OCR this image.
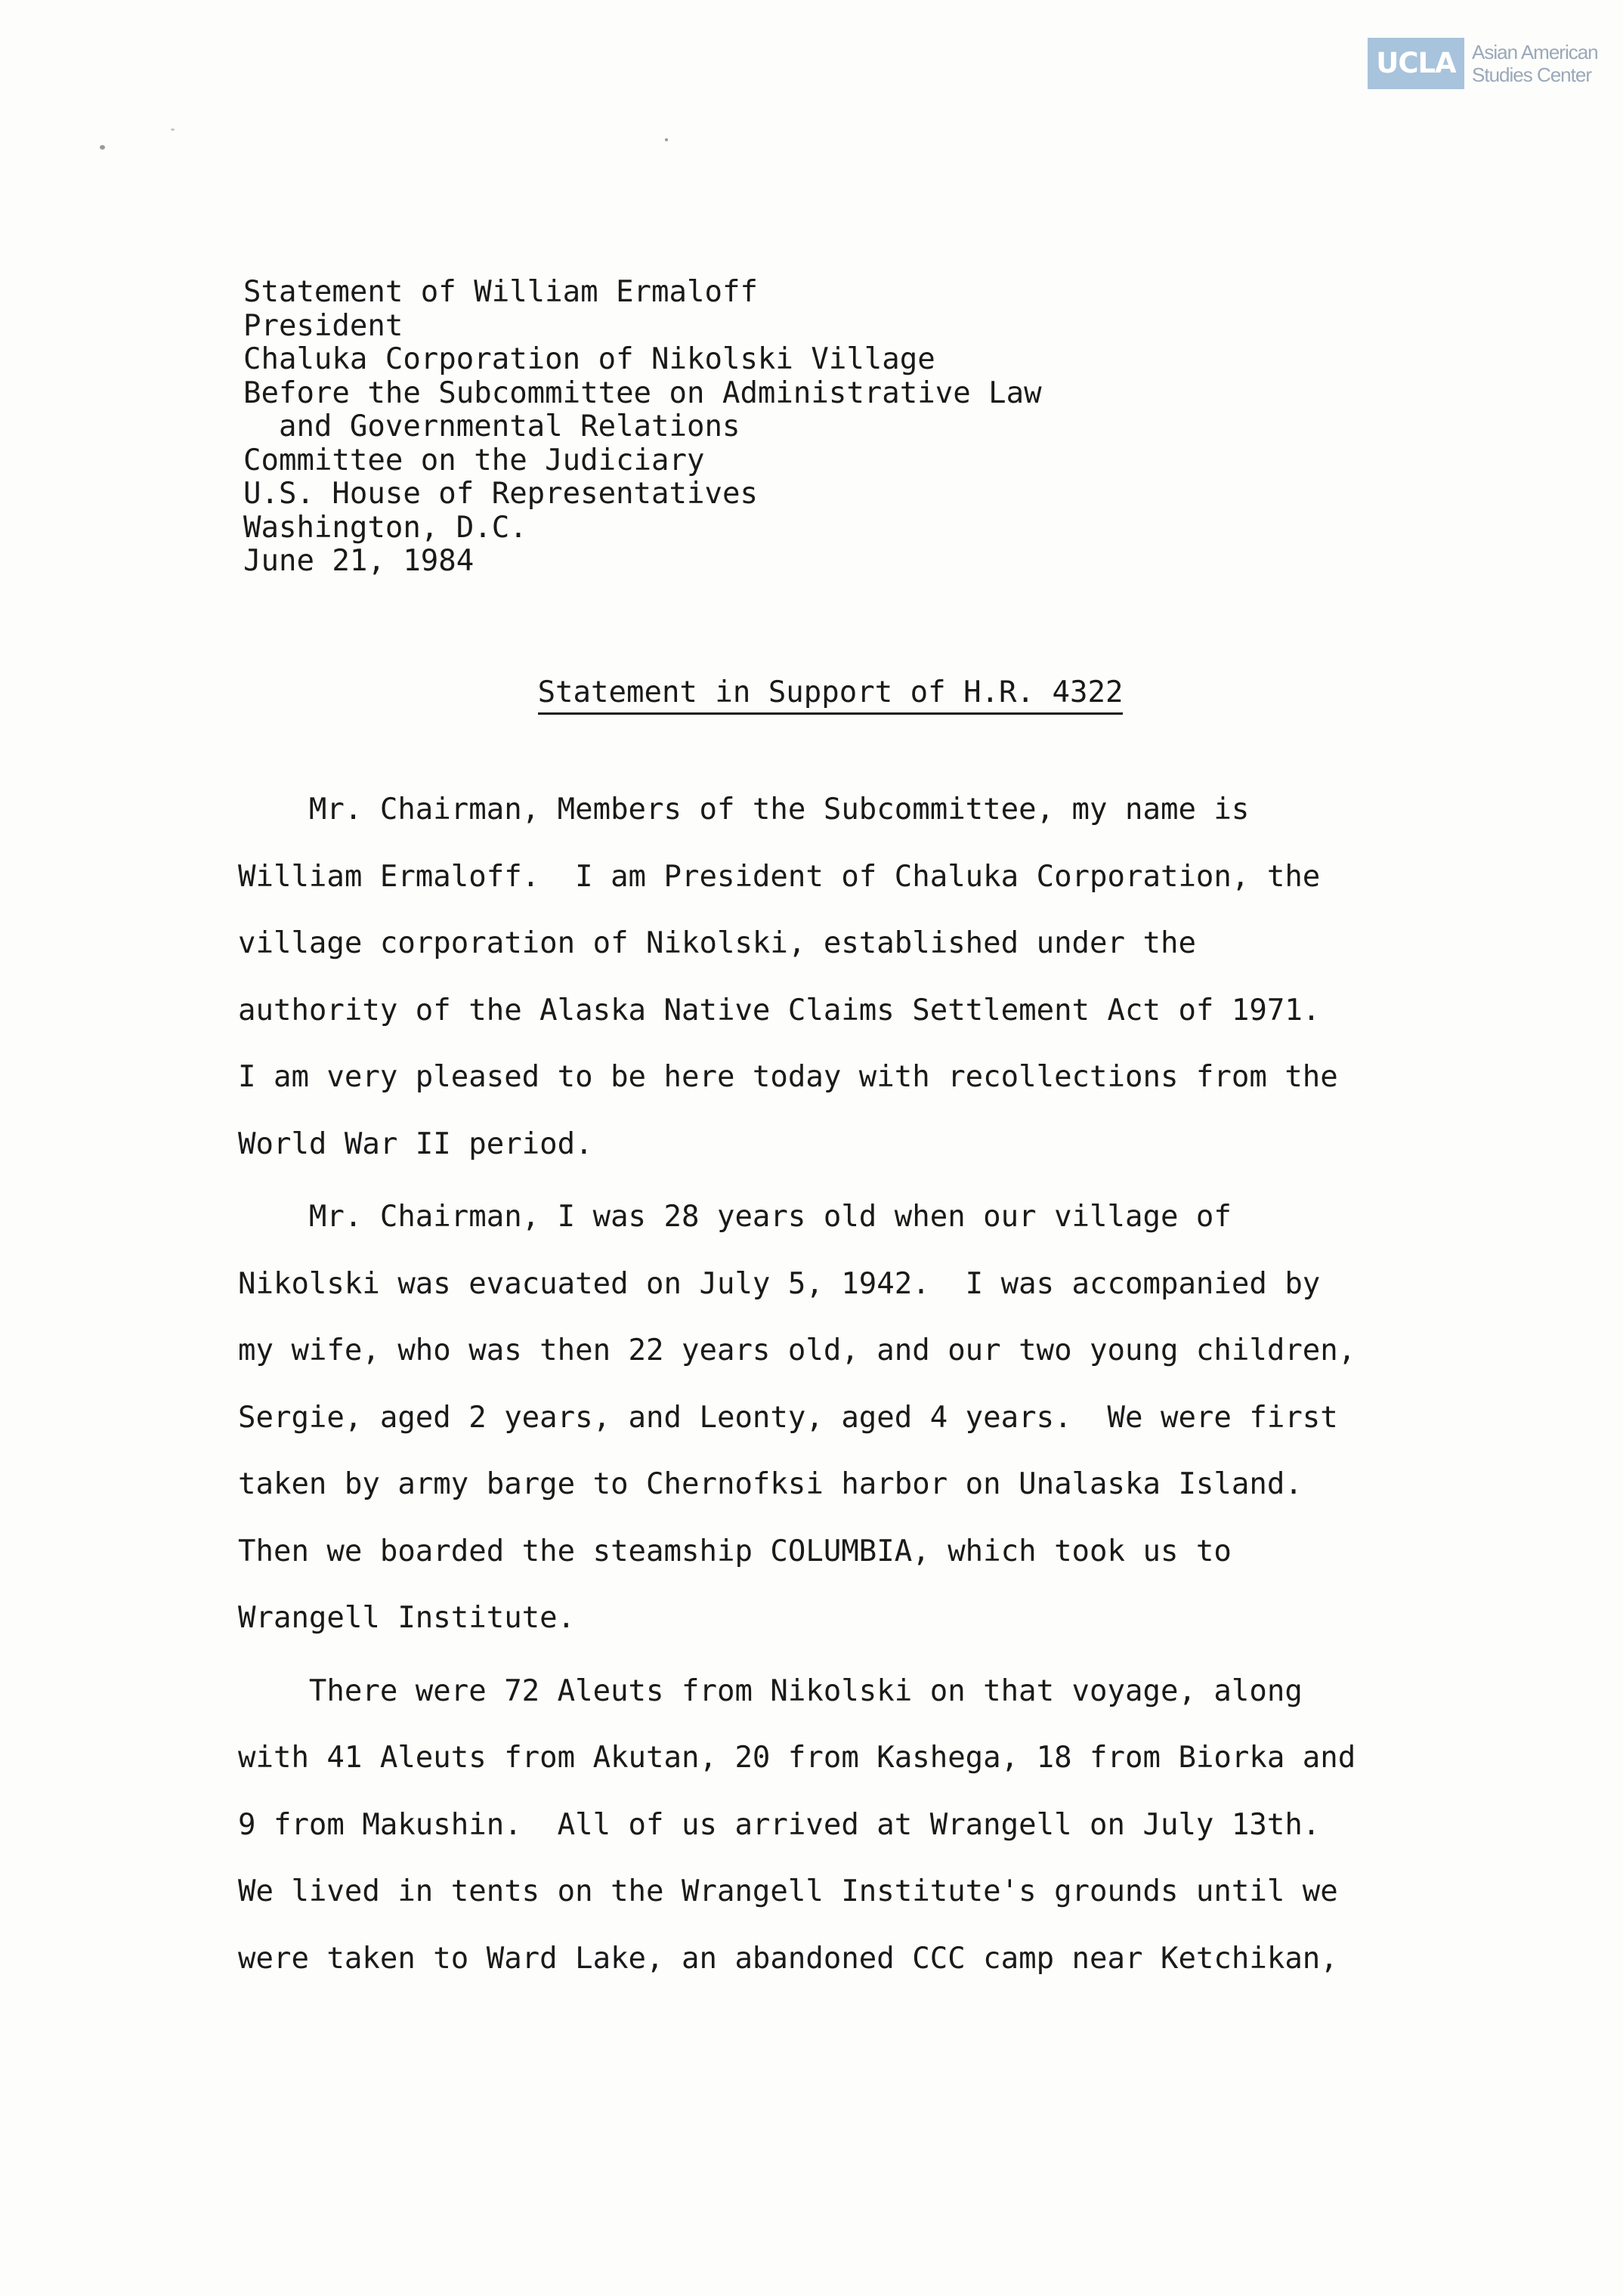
UCLA Asian American
Studies Center
Statement of William Ermaloff
President
Chaluka Corporation of Nikolski Village
Before the Subcommittee on Administrative Law
and Governmental Relations
Committee on the Judiciary
U.S. House of Representatives
Washington, D.C.
June 21, 1984
Statement in Support of H.R. 4322
Mr. Chairman, Members of the Subcommittee, my name is
William Ermaloff.  I am President of Chaluka Corporation, the
village corporation of Nikolski, established under the
authority of the Alaska Native Claims Settlement Act of 1971.
I am very pleased to be here today with recollections from the
World War II period.
Mr. Chairman, I was 28 years old when our village of
Nikolski was evacuated on July 5, 1942.  I was accompanied by
my wife, who was then 22 years old, and our two young children,
Sergie, aged 2 years, and Leonty, aged 4 years.  We were first
taken by army barge to Chernofksi harbor on Unalaska Island.
Then we boarded the steamship COLUMBIA, which took us to
Wrangell Institute.
There were 72 Aleuts from Nikolski on that voyage, along
with 41 Aleuts from Akutan, 20 from Kashega, 18 from Biorka and
9 from Makushin.  All of us arrived at Wrangell on July 13th.
We lived in tents on the Wrangell Institute's grounds until we
were taken to Ward Lake, an abandoned CCC camp near Ketchikan,
